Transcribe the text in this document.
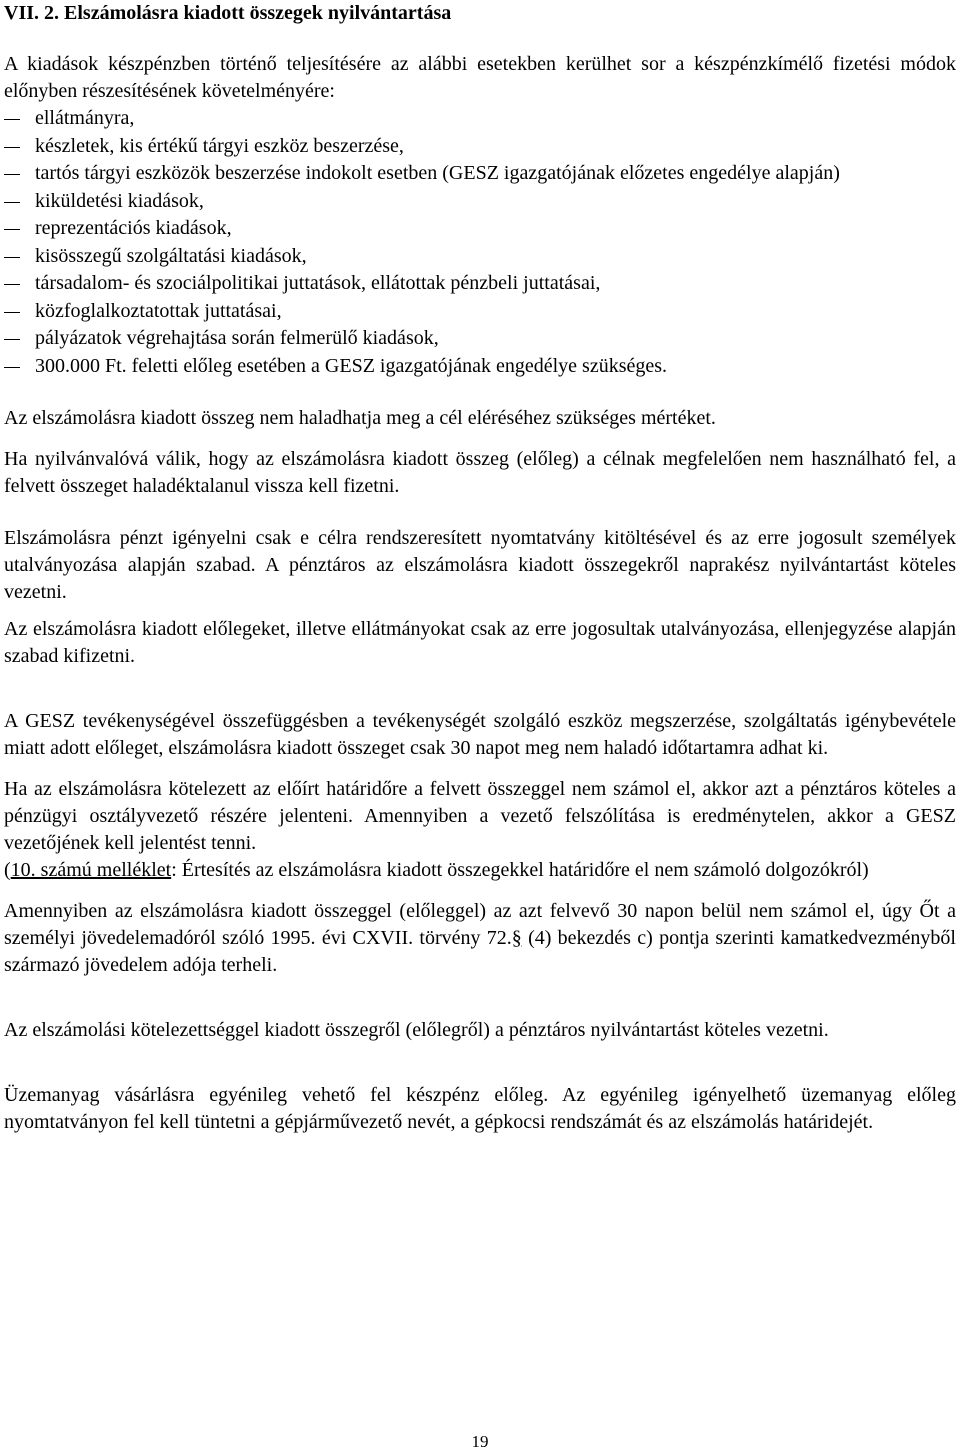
VII. 2. Elszámolásra kiadott összegek nyilvántartása

A kiadások készpénzben történő teljesítésére az alábbi esetekben kerülhet sor a készpénzkímélő fizetési módok előnyben részesítésének követelményére:

ellátmányra,
készletek, kis értékű tárgyi eszköz beszerzése,
tartós tárgyi eszközök beszerzése indokolt esetben (GESZ igazgatójának előzetes engedélye alapján)
kiküldetési kiadások,
reprezentációs kiadások,
kisösszegű szolgáltatási kiadások,
társadalom- és szociálpolitikai juttatások, ellátottak pénzbeli juttatásai,
közfoglalkoztatottak juttatásai,
pályázatok végrehajtása során felmerülő kiadások,
300.000 Ft. feletti előleg esetében a GESZ igazgatójának engedélye szükséges.

Az elszámolásra kiadott összeg nem haladhatja meg a cél eléréséhez szükséges mértéket.

Ha nyilvánvalóvá válik, hogy az elszámolásra kiadott összeg (előleg) a célnak megfelelően nem használható fel, a felvett összeget haladéktalanul vissza kell fizetni.

Elszámolásra pénzt igényelni csak e célra rendszeresített nyomtatvány kitöltésével és az erre jogosult személyek utalványozása alapján szabad. A pénztáros az elszámolásra kiadott összegekről naprakész nyilvántartást köteles vezetni.

Az elszámolásra kiadott előlegeket, illetve ellátmányokat csak az erre jogosultak utalványozása, ellenjegyzése alapján szabad kifizetni.

A GESZ tevékenységével összefüggésben a tevékenységét szolgáló eszköz megszerzése, szolgáltatás igénybevétele miatt adott előleget, elszámolásra kiadott összeget csak 30 napot meg nem haladó időtartamra adhat ki.

Ha az elszámolásra kötelezett az előírt határidőre a felvett összeggel nem számol el, akkor azt a pénztáros köteles a pénzügyi osztályvezető részére jelenteni. Amennyiben a vezető felszólítása is eredménytelen, akkor a GESZ vezetőjének kell jelentést tenni.

(10. számú melléklet: Értesítés az elszámolásra kiadott összegekkel határidőre el nem számoló dolgozókról)

Amennyiben az elszámolásra kiadott összeggel (előleggel) az azt felvevő 30 napon belül nem számol el, úgy Őt a személyi jövedelemadóról szóló 1995. évi CXVII. törvény 72.§ (4) bekezdés c) pontja szerinti kamatkedvezményből származó jövedelem adója terheli.

Az elszámolási kötelezettséggel kiadott összegről (előlegről) a pénztáros nyilvántartást köteles vezetni.

Üzemanyag vásárlásra egyénileg vehető fel készpénz előleg. Az egyénileg igényelhető üzemanyag előleg nyomtatványon fel kell tüntetni a gépjárművezető nevét, a gépkocsi rendszámát és az elszámolás határidejét.

19
